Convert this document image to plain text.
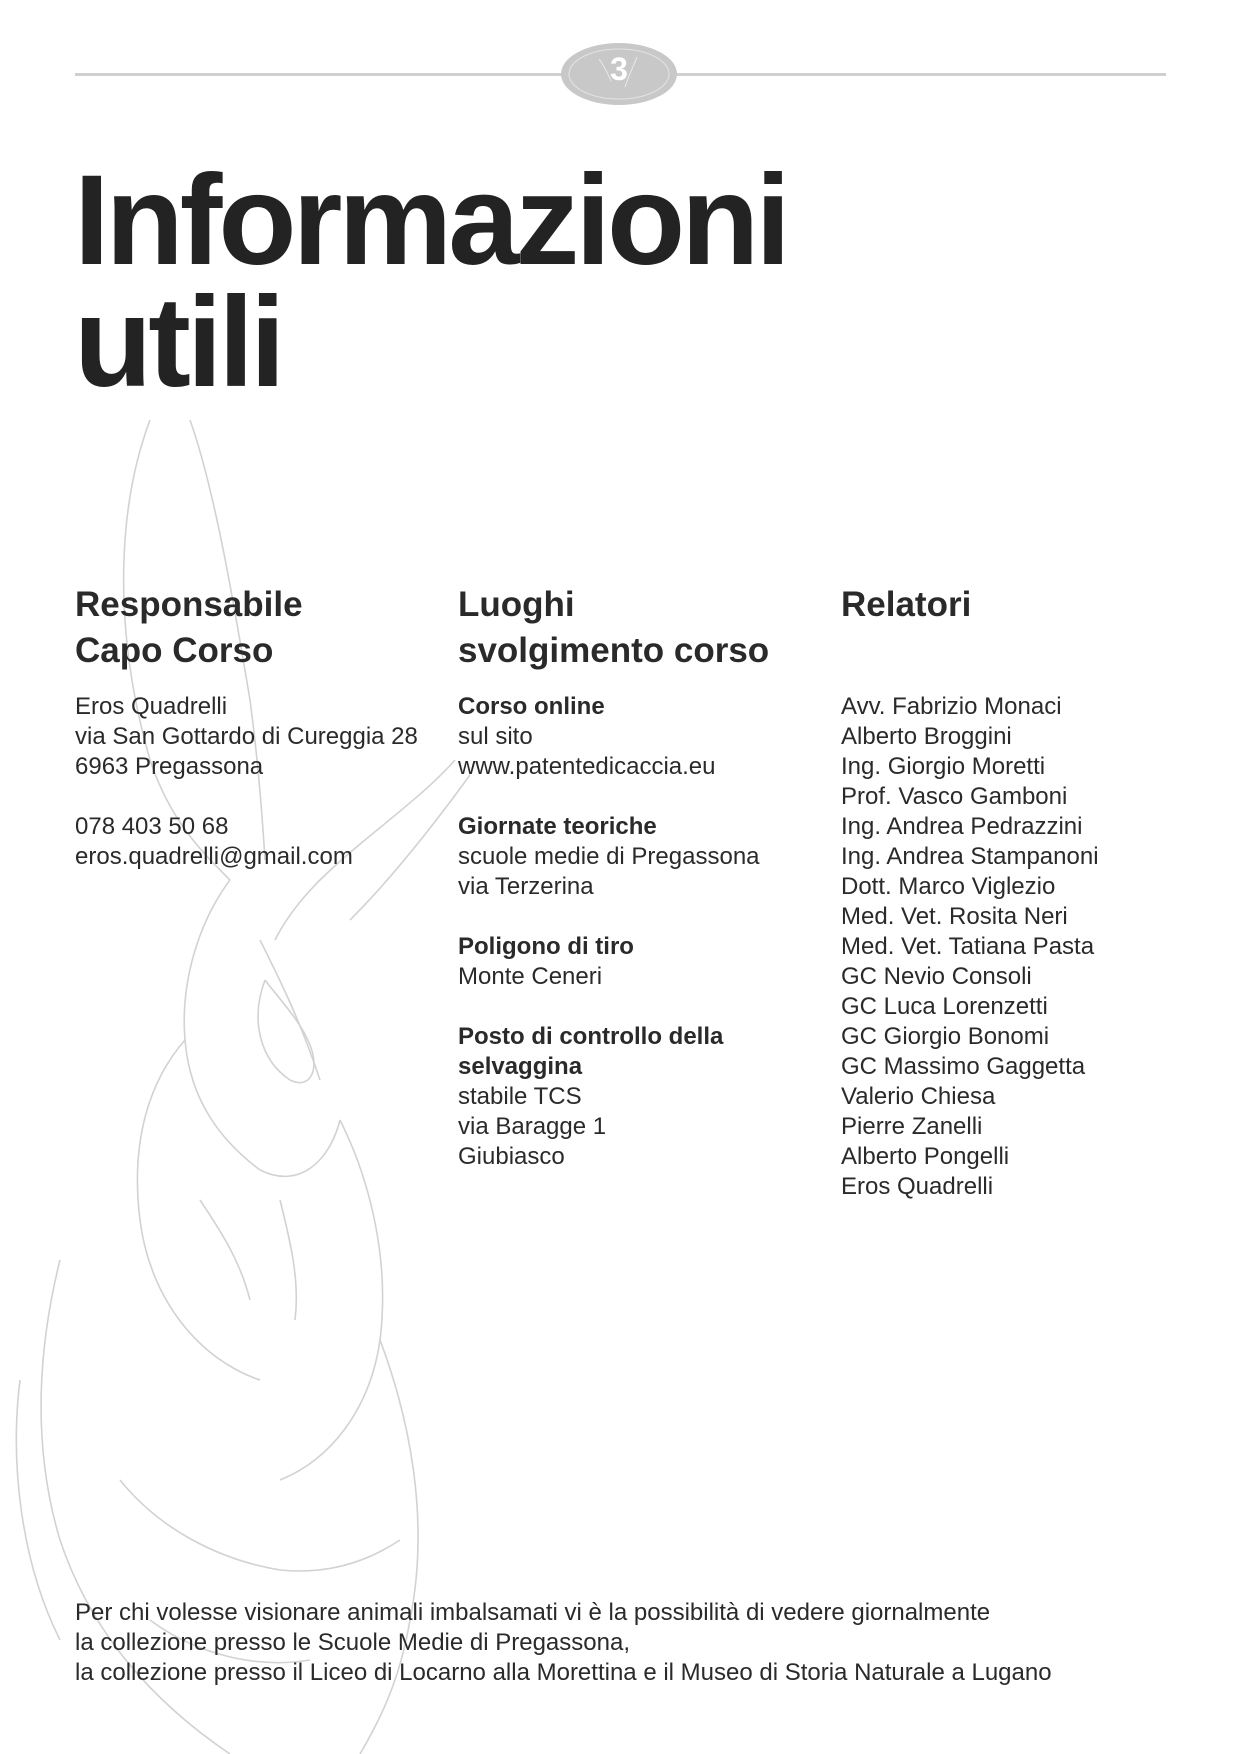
3
Informazioni
utili
Responsabile
Capo Corso
Eros Quadrelli
via San Gottardo di Cureggia 28
6963 Pregassona
078 403 50 68
eros.quadrelli@gmail.com
Luoghi
svolgimento corso
Corso online
sul sito
www.patentedicaccia.eu
Giornate teoriche
scuole medie di Pregassona
via Terzerina
Poligono di tiro
Monte Ceneri
Posto di controllo della
selvaggina
stabile TCS
via Baragge 1
Giubiasco
Relatori
Avv. Fabrizio Monaci
Alberto Broggini
Ing. Giorgio Moretti
Prof. Vasco Gamboni
Ing. Andrea Pedrazzini
Ing. Andrea Stampanoni
Dott. Marco Viglezio
Med. Vet. Rosita Neri
Med. Vet. Tatiana Pasta
GC Nevio Consoli
GC Luca Lorenzetti
GC Giorgio Bonomi
GC Massimo Gaggetta
Valerio Chiesa
Pierre Zanelli
Alberto Pongelli
Eros Quadrelli
Per chi volesse visionare animali imbalsamati vi è la possibilità di vedere giornalmente
la collezione presso le Scuole Medie di Pregassona,
la collezione presso il Liceo di Locarno alla Morettina e il Museo di Storia Naturale a Lugano
